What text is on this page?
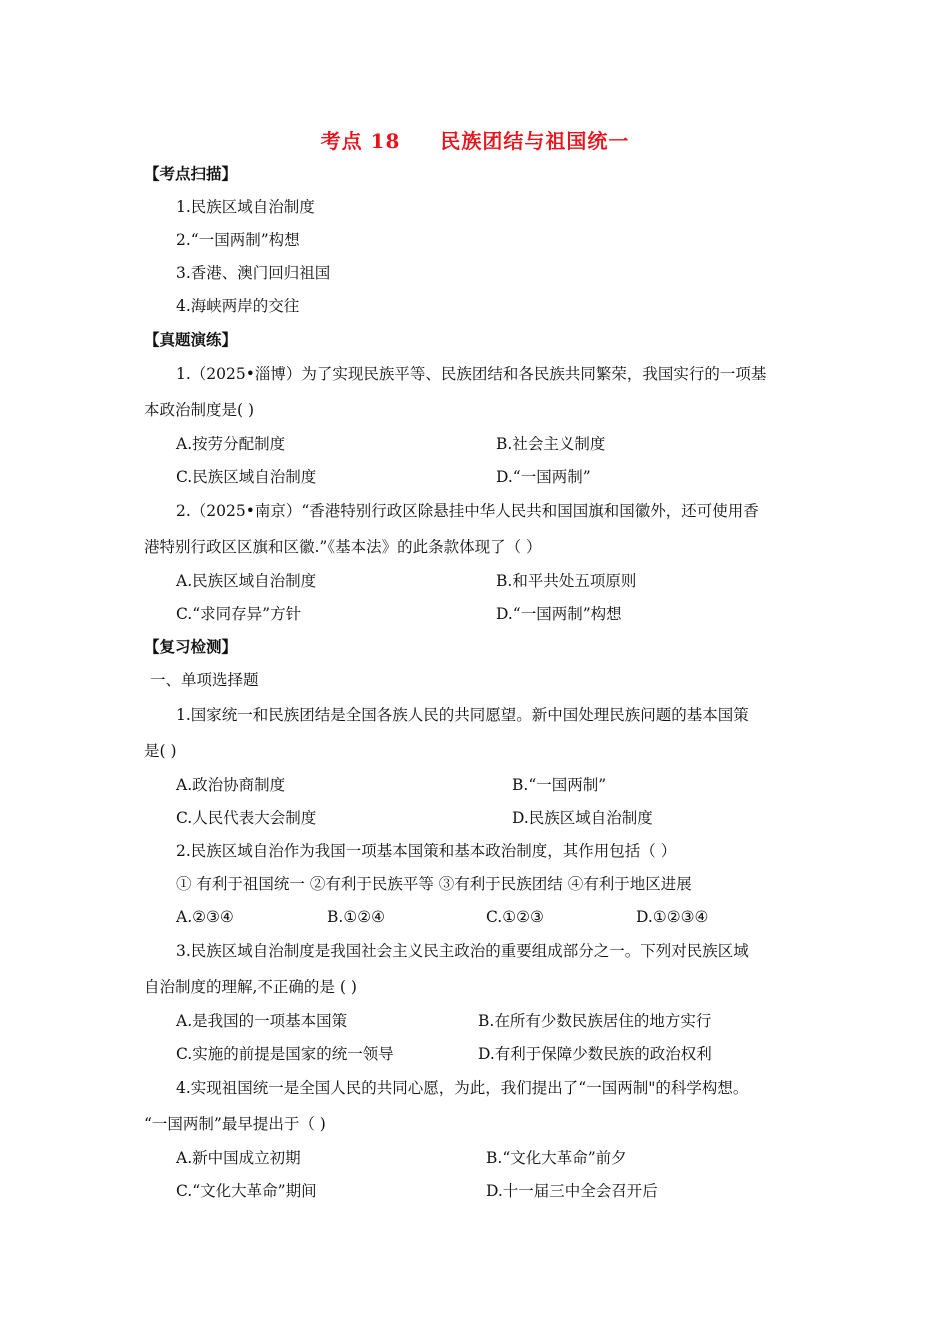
考点 18 民族团结与祖国统一
【考点扫描】
1.民族区域自治制度
2.“一国两制”构想
3.香港、澳门回归祖国
4.海峡两岸的交往
【真题演练】
1.（2025•淄博）为了实现民族平等、民族团结和各民族共同繁荣，我国实行的一项基
本政治制度是( )
A.按劳分配制度	B.社会主义制度
C.民族区域自治制度	D.“一国两制”
2.（2025•南京）“香港特别行政区除悬挂中华人民共和国国旗和国徽外，还可使用香
港特别行政区区旗和区徽.”《基本法》的此条款体现了（ ）
A.民族区域自治制度	B.和平共处五项原则
C.“求同存异”方针	D.“一国两制”构想
【复习检测】
一、单项选择题
1.国家统一和民族团结是全国各族人民的共同愿望。新中国处理民族问题的基本国策
是( )
A.政治协商制度	B.“一国两制”
C.人民代表大会制度	D.民族区域自治制度
2.民族区域自治作为我国一项基本国策和基本政治制度，其作用包括（ ）
① 有利于祖国统一 ②有利于民族平等 ③有利于民族团结 ④有利于地区进展
A.②③④	B.①②④	C.①②③	D.①②③④
3.民族区域自治制度是我国社会主义民主政治的重要组成部分之一。下列对民族区域
自治制度的理解,不正确的是 ( )
A.是我国的一项基本国策	B.在所有少数民族居住的地方实行
C.实施的前提是国家的统一领导	D.有利于保障少数民族的政治权利
4.实现祖国统一是全国人民的共同心愿，为此，我们提出了“一国两制"的科学构想。
“一国两制”最早提出于（ )
A.新中国成立初期	B.“文化大革命”前夕
C.“文化大革命”期间	D.十一届三中全会召开后
